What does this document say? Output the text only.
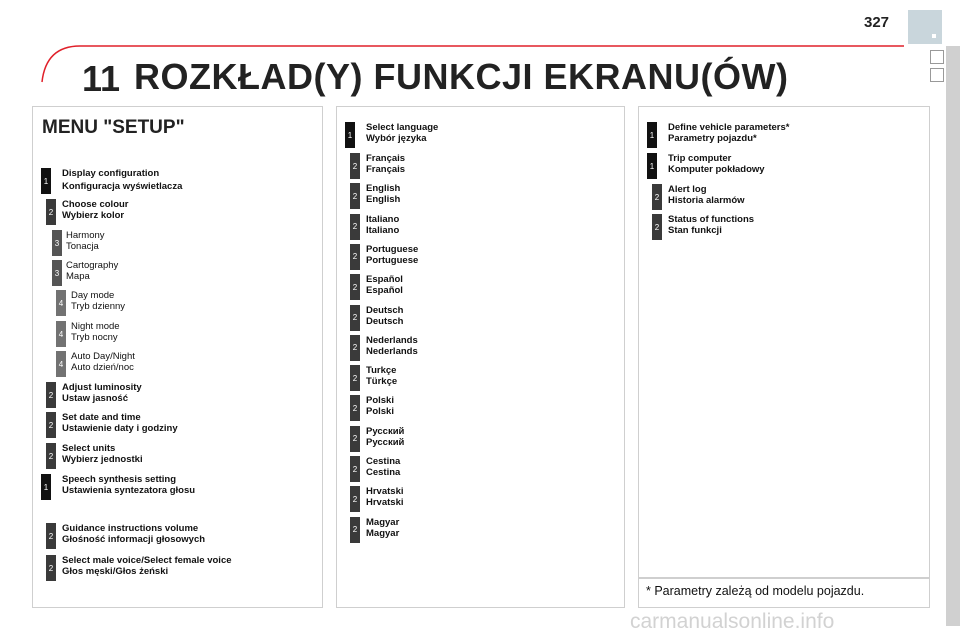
327
11 ROZKŁAD(Y) FUNKCJI EKRANU(ÓW)
MENU "SETUP"
1
Display configuration
Konfiguracja wyświetlacza
2
Choose colour
Wybierz kolor
3
Harmony
Tonacja
3
Cartography
Mapa
4
Day mode
Tryb dzienny
4
Night mode
Tryb nocny
4
Auto Day/Night
Auto dzień/noc
2
Adjust luminosity
Ustaw jasność
2
Set date and time
Ustawienie daty i godziny
2
Select units
Wybierz jednostki
1
Speech synthesis setting
Ustawienia syntezatora głosu
2
Guidance instructions volume
Głośność informacji głosowych
2
Select male voice/Select female voice
Głos męski/Głos żeński
1
Select language
Wybór języka
2
Français
Français
2
English
English
2
Italiano
Italiano
2
Portuguese
Portuguese
2
Español
Español
2
Deutsch
Deutsch
2
Nederlands
Nederlands
2
Turkçe
Türkçe
2
Polski
Polski
2
Русский
Русский
2
Cestina
Cestina
2
Hrvatski
Hrvatski
2
Magyar
Magyar
1
Define vehicle parameters*
Parametry pojazdu*
1
Trip computer
Komputer pokładowy
2
Alert log
Historia alarmów
2
Status of functions
Stan funkcji
* Parametry zależą od modelu pojazdu.
carmanualsonline.info
